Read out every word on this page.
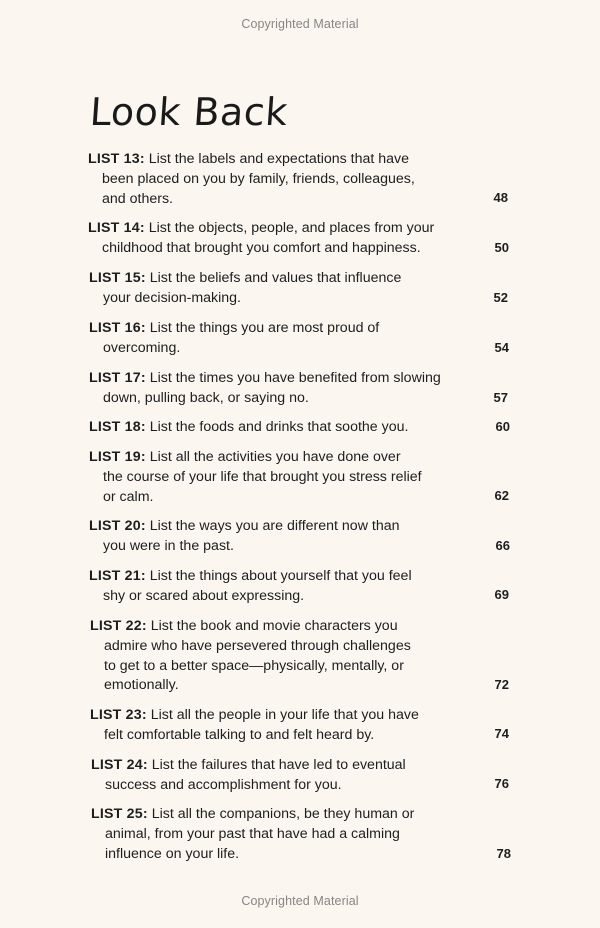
Copyrighted Material
Look Back

LIST 13: List the labels and expectations that have
been placed on you by family, friends, colleagues,
and others.	48

LIST 14: List the objects, people, and places from your
childhood that brought you comfort and happiness.	50

LIST 15: List the beliefs and values that influence
your decision-making.	52

LIST 16: List the things you are most proud of
overcoming.	54

LIST 17: List the times you have benefited from slowing
down, pulling back, or saying no.	57

LIST 18: List the foods and drinks that soothe you.	60

LIST 19: List all the activities you have done over
the course of your life that brought you stress relief
or calm.	62

LIST 20: List the ways you are different now than
you were in the past.	66

LIST 21: List the things about yourself that you feel
shy or scared about expressing.	69

LIST 22: List the book and movie characters you
admire who have persevered through challenges
to get to a better space—physically, mentally, or
emotionally.	72

LIST 23: List all the people in your life that you have
felt comfortable talking to and felt heard by.	74

LIST 24: List the failures that have led to eventual
success and accomplishment for you.	76

LIST 25: List all the companions, be they human or
animal, from your past that have had a calming
influence on your life.	78
Copyrighted Material
